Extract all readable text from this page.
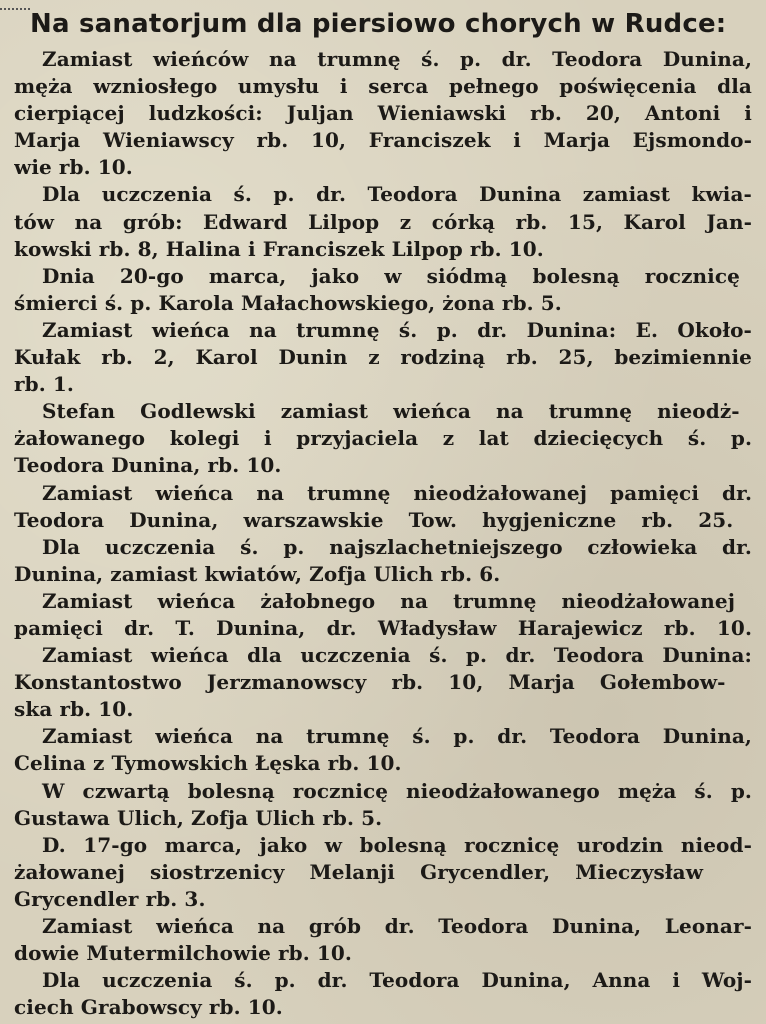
Na sanatorjum dla piersiowo chorych w Rudce:
Zamiast wieńców na trumnę ś. p. dr. Teodora Dunina,
męża wzniosłego umysłu i serca pełnego poświęcenia dla
cierpiącej ludzkości: Juljan Wieniawski rb. 20, Antoni i
Marja Wieniawscy rb. 10, Franciszek i Marja Ejsmondo-
wie rb. 10.
Dla uczczenia ś. p. dr. Teodora Dunina zamiast kwia-
tów na grób: Edward Lilpop z córką rb. 15, Karol Jan-
kowski rb. 8, Halina i Franciszek Lilpop rb. 10.
Dnia 20-go marca, jako w siódmą bolesną rocznicę
śmierci ś. p. Karola Małachowskiego, żona rb. 5.
Zamiast wieńca na trumnę ś. p. dr. Dunina: E. Około-
Kułak rb. 2, Karol Dunin z rodziną rb. 25, bezimiennie
rb. 1.
Stefan Godlewski zamiast wieńca na trumnę nieodż-
żałowanego kolegi i przyjaciela z lat dziecięcych ś. p.
Teodora Dunina, rb. 10.
Zamiast wieńca na trumnę nieodżałowanej pamięci dr.
Teodora Dunina, warszawskie Tow. hygjeniczne rb. 25.
Dla uczczenia ś. p. najszlachetniejszego człowieka dr.
Dunina, zamiast kwiatów, Zofja Ulich rb. 6.
Zamiast wieńca żałobnego na trumnę nieodżałowanej
pamięci dr. T. Dunina, dr. Władysław Harajewicz rb. 10.
Zamiast wieńca dla uczczenia ś. p. dr. Teodora Dunina:
Konstantostwo Jerzmanowscy rb. 10, Marja Gołembow-
ska rb. 10.
Zamiast wieńca na trumnę ś. p. dr. Teodora Dunina,
Celina z Tymowskich Łęska rb. 10.
W czwartą bolesną rocznicę nieodżałowanego męża ś. p.
Gustawa Ulich, Zofja Ulich rb. 5.
D. 17-go marca, jako w bolesną rocznicę urodzin nieod-
żałowanej siostrzenicy Melanji Grycendler, Mieczysław
Grycendler rb. 3.
Zamiast wieńca na grób dr. Teodora Dunina, Leonar-
dowie Mutermilchowie rb. 10.
Dla uczczenia ś. p. dr. Teodora Dunina, Anna i Woj-
ciech Grabowscy rb. 10.
